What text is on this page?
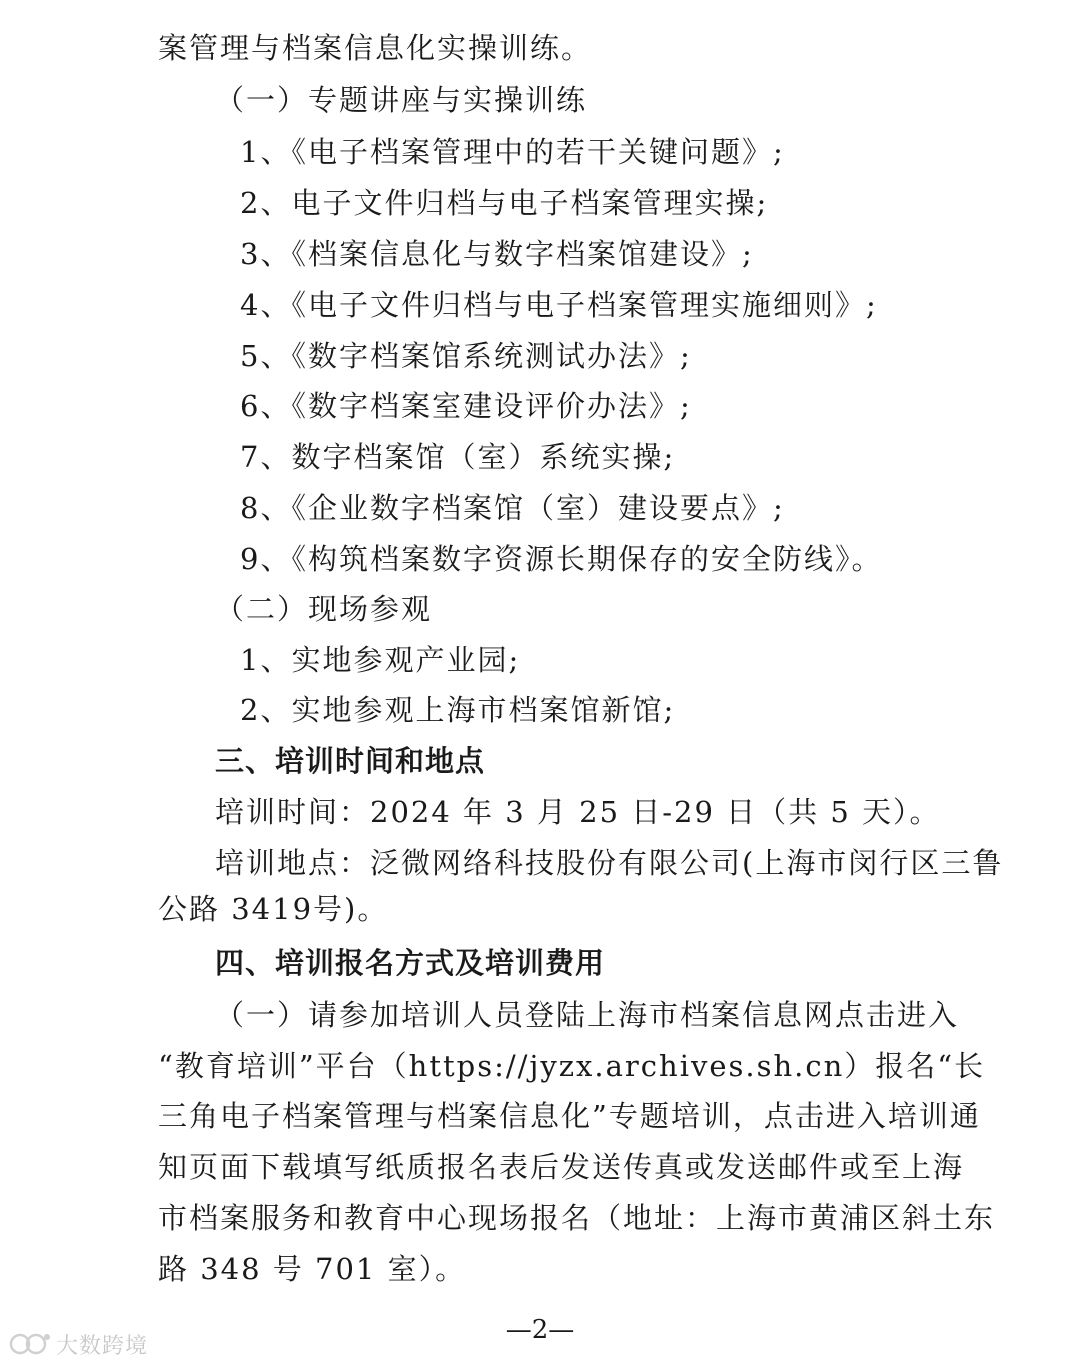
案管理与档案信息化实操训练。
（一）专题讲座与实操训练
1、《电子档案管理中的若干关键问题》;
2、电子文件归档与电子档案管理实操;
3、《档案信息化与数字档案馆建设》;
4、《电子文件归档与电子档案管理实施细则》;
5、《数字档案馆系统测试办法》;
6、《数字档案室建设评价办法》;
7、数字档案馆（室）系统实操;
8、《企业数字档案馆（室）建设要点》;
9、《构筑档案数字资源长期保存的安全防线》。
（二）现场参观
1、实地参观产业园;
2、实地参观上海市档案馆新馆;
三、培训时间和地点
培训时间：2024 年 3 月 25 日-29 日（共 5 天）。
培训地点：泛微网络科技股份有限公司(上海市闵行区三鲁
公路 3419号)。
四、培训报名方式及培训费用
（一）请参加培训人员登陆上海市档案信息网点击进入
“教育培训”平台（https://jyzx.archives.sh.cn）报名“长
三角电子档案管理与档案信息化”专题培训，点击进入培训通
知页面下载填写纸质报名表后发送传真或发送邮件或至上海
市档案服务和教育中心现场报名（地址：上海市黄浦区斜土东
路 348 号 701 室）。
—2—
大数跨境
